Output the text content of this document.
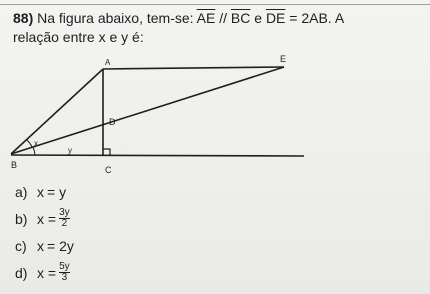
88) Na figura abaixo, tem-se: $\overline{AE} // \overline{BC}$ e $\overline{DE} = 2AB$. A
relação entre x e y é:
A	E
D
B	C
x
y
a) x = y
b) $x = \frac{3y}{2}$
c) x = 2y
d) $x = \frac{5y}{3}$
